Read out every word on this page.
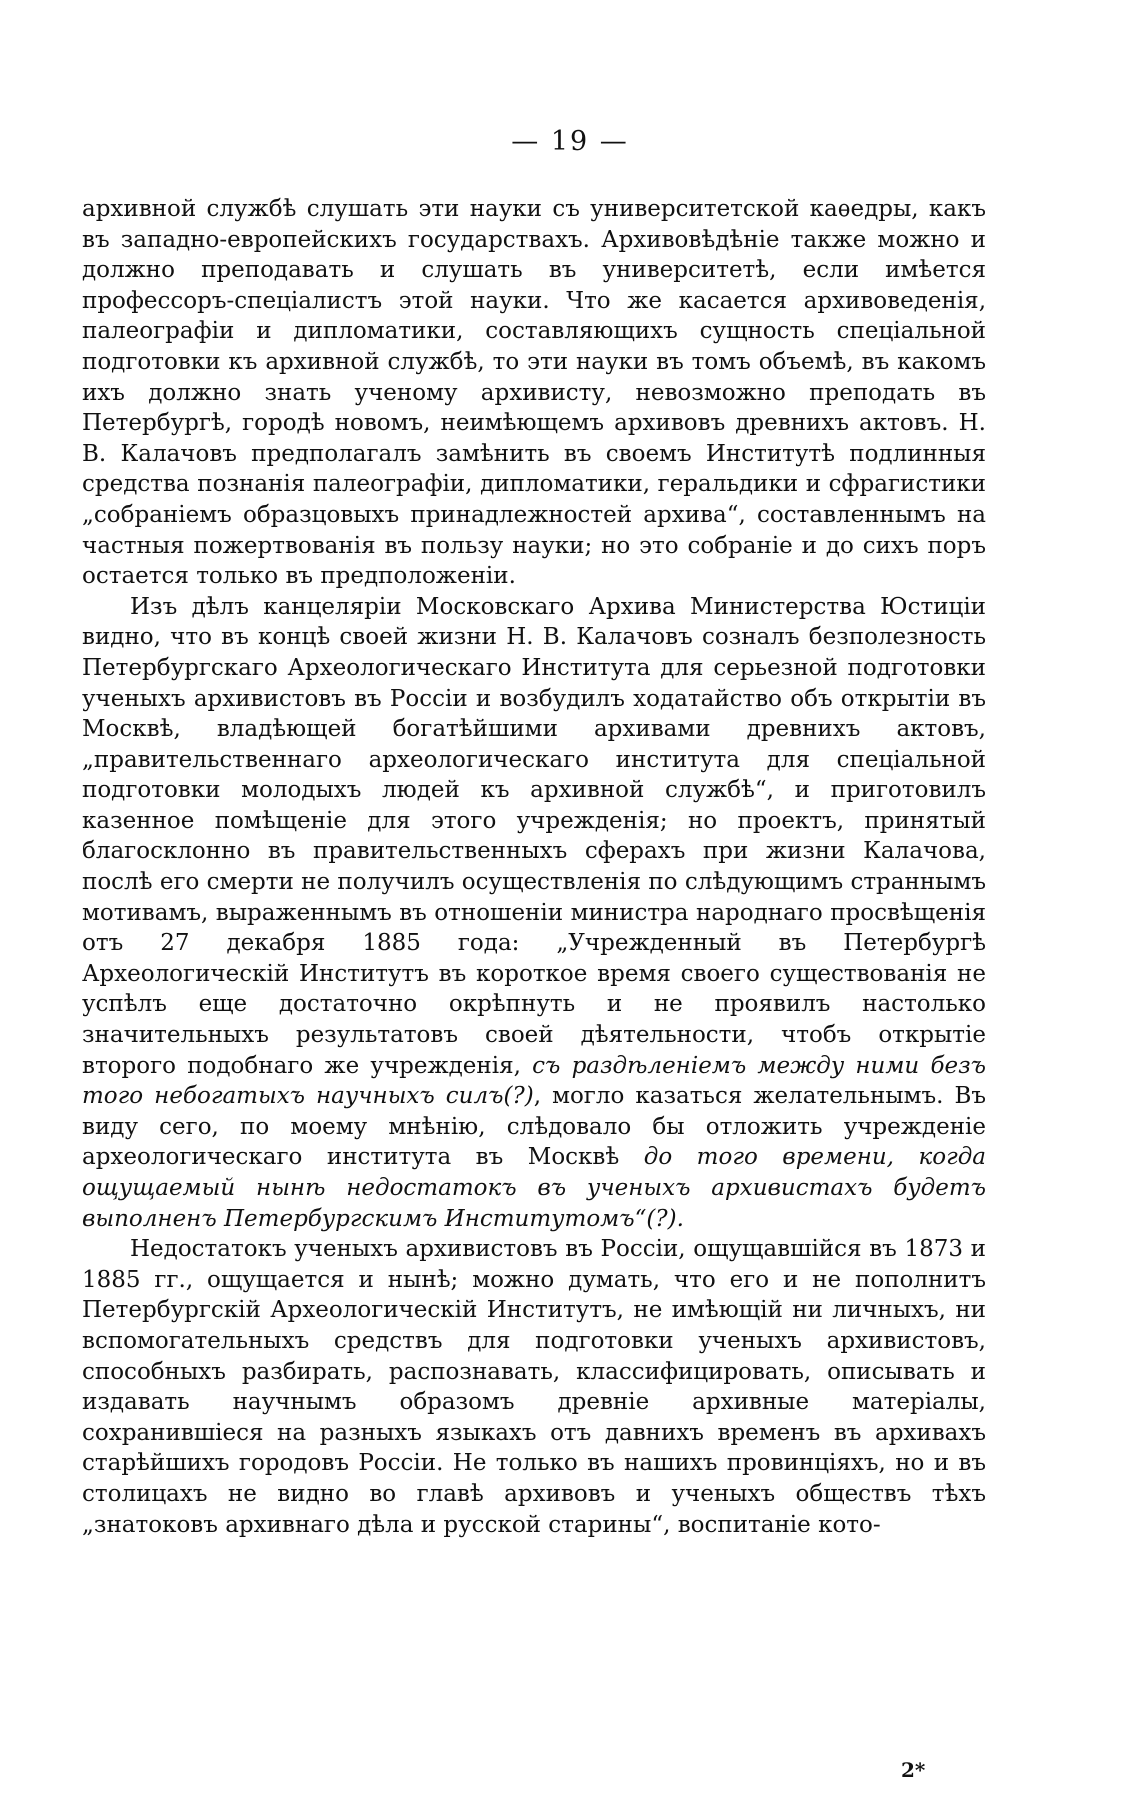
— 19 —

архивной службѣ слушать эти науки съ университетской каѳедры, какъ въ западно-европейскихъ государствахъ. Архивовѣдѣніе также можно и должно преподавать и слушать въ университетѣ, если имѣется профессоръ-спеціалистъ этой науки. Что же касается архивоведенія, палеографіи и дипломатики, составляющихъ сущность спеціальной подготовки къ архивной службѣ, то эти науки въ томъ объемѣ, въ какомъ ихъ должно знать ученому архивисту, невозможно преподать въ Петербургѣ, городѣ новомъ, неимѣющемъ архивовъ древнихъ актовъ. Н. В. Калачовъ предполагалъ замѣнить въ своемъ Институтѣ подлинныя средства познанія палеографіи, дипломатики, геральдики и сфрагистики „собраніемъ образцовыхъ принадлежностей архива“, составленнымъ на частныя пожертвованія въ пользу науки; но это собраніе и до сихъ поръ остается только въ предположеніи.

Изъ дѣлъ канцеляріи Московскаго Архива Министерства Юстиціи видно, что въ концѣ своей жизни Н. В. Калачовъ созналъ безполезность Петербургскаго Археологическаго Института для серьезной подготовки ученыхъ архивистовъ въ Россіи и возбудилъ ходатайство объ открытіи въ Москвѣ, владѣющей богатѣйшими архивами древнихъ актовъ, „правительственнаго археологическаго института для спеціальной подготовки молодыхъ людей къ архивной службѣ“, и приготовилъ казенное помѣщеніе для этого учрежденія; но проектъ, принятый благосклонно въ правительственныхъ сферахъ при жизни Калачова, послѣ его смерти не получилъ осуществленія по слѣдующимъ страннымъ мотивамъ, выраженнымъ въ отношеніи министра народнаго просвѣщенія отъ 27 декабря 1885 года: „Учрежденный въ Петербургѣ Археологическій Институтъ въ короткое время своего существованія не успѣлъ еще достаточно окрѣпнуть и не проявилъ настолько значительныхъ результатовъ своей дѣятельности, чтобъ открытіе второго подобнаго же учрежденія, съ раздѣленіемъ между ними безъ того небогатыхъ научныхъ силъ(?), могло казаться желательнымъ. Въ виду сего, по моему мнѣнію, слѣдовало бы отложить учрежденіе археологическаго института въ Москвѣ до того времени, когда ощущаемый нынѣ недостатокъ въ ученыхъ архивистахъ будетъ выполненъ Петербургскимъ Институтомъ“(?).

Недостатокъ ученыхъ архивистовъ въ Россіи, ощущавшійся въ 1873 и 1885 гг., ощущается и нынѣ; можно думать, что его и не пополнитъ Петербургскій Археологическій Институтъ, не имѣющій ни личныхъ, ни вспомогательныхъ средствъ для подготовки ученыхъ архивистовъ, способныхъ разбирать, распознавать, классифицировать, описывать и издавать научнымъ образомъ древніе архивные матеріалы, сохранившіеся на разныхъ языкахъ отъ давнихъ временъ въ архивахъ старѣйшихъ городовъ Россіи. Не только въ нашихъ провинціяхъ, но и въ столицахъ не видно во главѣ архивовъ и ученыхъ обществъ тѣхъ „знатоковъ архивнаго дѣла и русской старины“, воспитаніе кото-

2*
